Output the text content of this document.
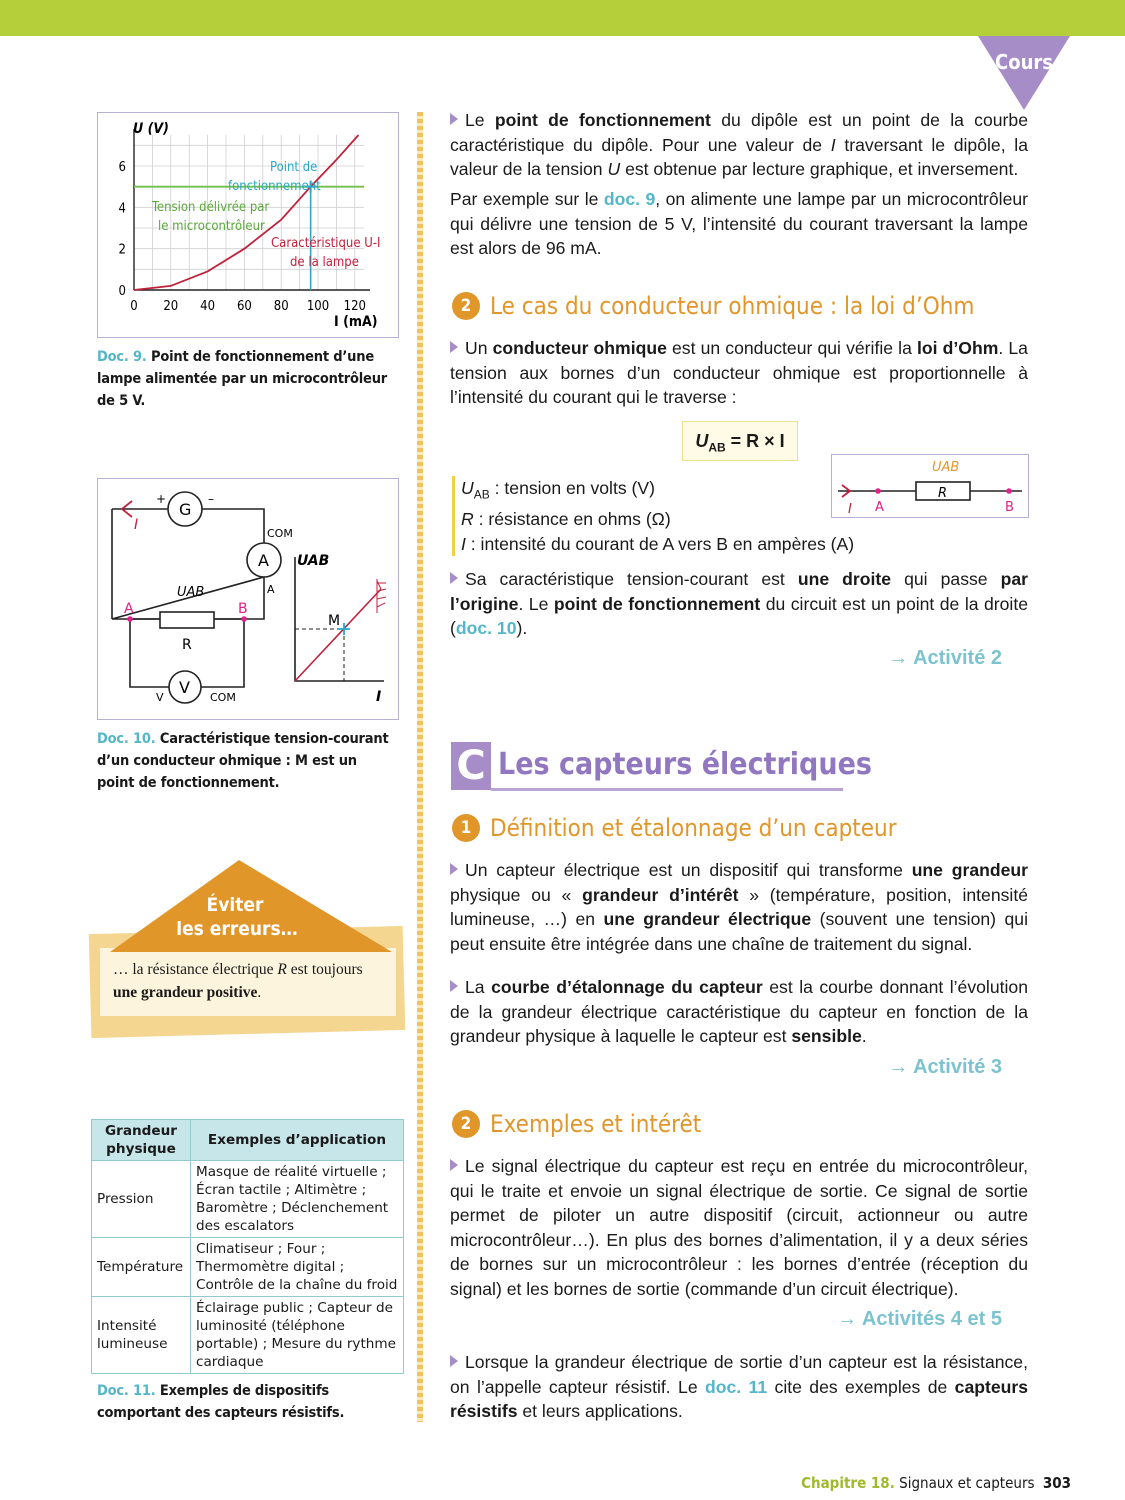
Cours
0 20 40 60 80 100 120
0
2
4
6
U (V)
I (mA)
Point de
fonctionnement
Tension délivrée par
le microcontrôleur
Caractéristique U-I
de la lampe
Doc. 9. Point de fonctionnement d’une lampe alimentée par un microcontrôleur de 5 V.
I
G
+	–
COM
A
A
UAB
A	B
R
V
V	COM
UAB
I
M
Doc. 10. Caractéristique tension-courant d’un conducteur ohmique : M est un point de fonctionnement.
Éviter
les erreurs…
… la résistance électrique R est toujours une grandeur positive.
Grandeur physique	Exemples d’application
Pression	Masque de réalité virtuelle ; Écran tactile ; Altimètre ; Baromètre ; Déclenchement des escalators
Température	Climatiseur ; Four ; Thermomètre digital ; Contrôle de la chaîne du froid
Intensité lumineuse	Éclairage public ; Capteur de luminosité (téléphone portable) ; Mesure du rythme cardiaque
Doc. 11. Exemples de dispositifs comportant des capteurs résistifs.
Le point de fonctionnement du dipôle est un point de la courbe caractéristique du dipôle. Pour une valeur de I traversant le dipôle, la valeur de la tension U est obtenue par lecture graphique, et inversement.
Par exemple sur le doc. 9, on alimente une lampe par un microcontrôleur qui délivre une tension de 5 V, l’intensité du courant traversant la lampe est alors de 96 mA.
2 Le cas du conducteur ohmique : la loi d’Ohm
Un conducteur ohmique est un conducteur qui vérifie la loi d’Ohm. La tension aux bornes d’un conducteur ohmique est proportionnelle à l’intensité du courant qui le traverse :
$U_{AB} = R \times I$
$U_{AB}$ : tension en volts (V)
R : résistance en ohms (Ω)
I : intensité du courant de A vers B en ampères (A)
UAB
R
I A	B
Sa caractéristique tension-courant est une droite qui passe par l’origine. Le point de fonctionnement du circuit est un point de la droite (doc. 10).
→ Activité 2
C Les capteurs électriques
1 Définition et étalonnage d’un capteur
Un capteur électrique est un dispositif qui transforme une grandeur physique ou « grandeur d’intérêt » (température, position, intensité lumineuse, …) en une grandeur électrique (souvent une tension) qui peut ensuite être intégrée dans une chaîne de traitement du signal.
La courbe d’étalonnage du capteur est la courbe donnant l’évolution de la grandeur électrique caractéristique du capteur en fonction de la grandeur physique à laquelle le capteur est sensible.
→ Activité 3
2 Exemples et intérêt
Le signal électrique du capteur est reçu en entrée du microcontrôleur, qui le traite et envoie un signal électrique de sortie. Ce signal de sortie permet de piloter un autre dispositif (circuit, actionneur ou autre microcontrôleur…). En plus des bornes d’alimentation, il y a deux séries de bornes sur un microcontrôleur : les bornes d’entrée (réception du signal) et les bornes de sortie (commande d’un circuit électrique).
→ Activités 4 et 5
Lorsque la grandeur électrique de sortie d’un capteur est la résistance, on l’appelle capteur résistif. Le doc. 11 cite des exemples de capteurs résistifs et leurs applications.
Chapitre 18. Signaux et capteurs 303
